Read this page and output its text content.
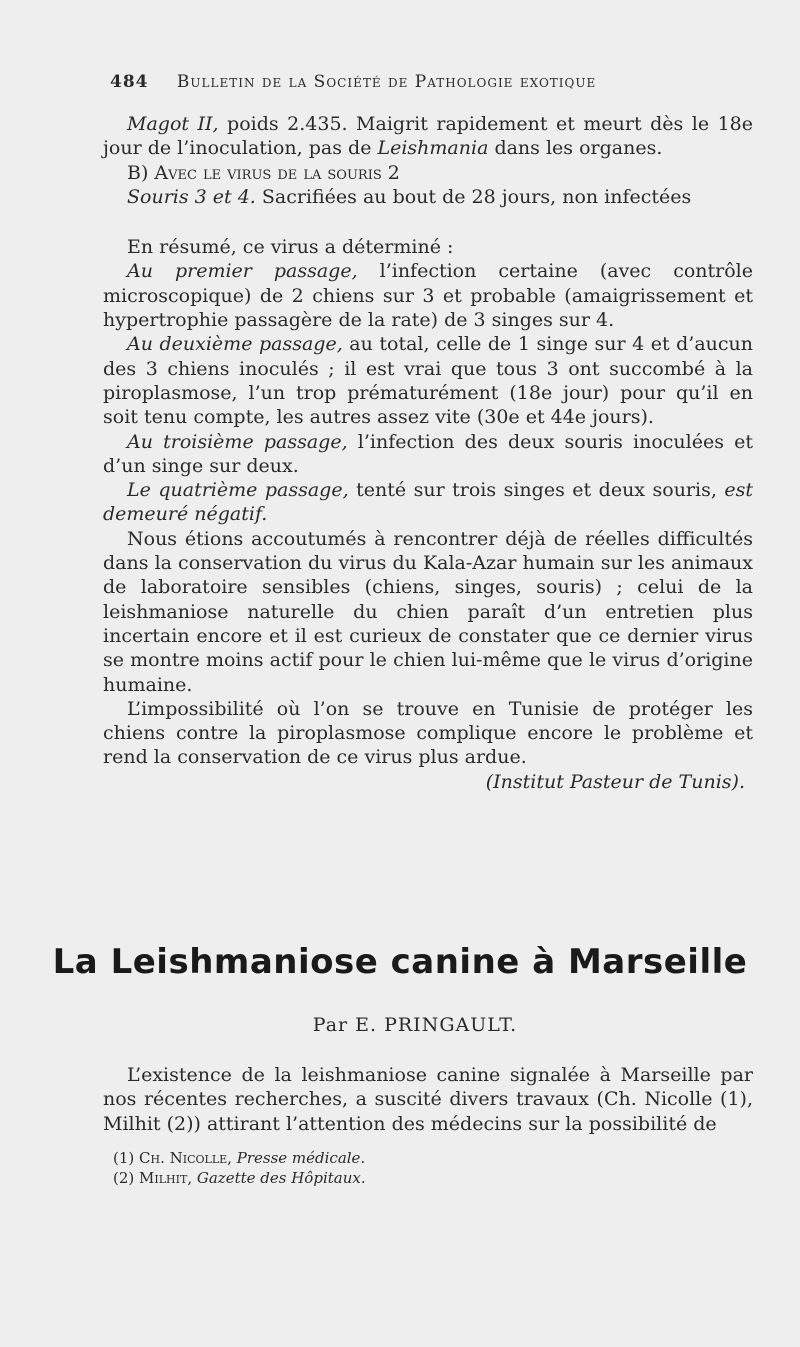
484 Bulletin de la Société de Pathologie exotique

Magot II, poids 2.435. Maigrit rapidement et meurt dès le 18e jour de l’inoculation, pas de Leishmania dans les organes.

B) Avec le virus de la souris 2

Souris 3 et 4. Sacrifiées au bout de 28 jours, non infectées

En résumé, ce virus a déterminé :

Au premier passage, l’infection certaine (avec contrôle microscopique) de 2 chiens sur 3 et probable (amaigrissement et hypertrophie passagère de la rate) de 3 singes sur 4.

Au deuxième passage, au total, celle de 1 singe sur 4 et d’aucun des 3 chiens inoculés ; il est vrai que tous 3 ont succombé à la piroplasmose, l’un trop prématurément (18e jour) pour qu’il en soit tenu compte, les autres assez vite (30e et 44e jours).

Au troisième passage, l’infection des deux souris inoculées et d’un singe sur deux.

Le quatrième passage, tenté sur trois singes et deux souris, est demeuré négatif.

Nous étions accoutumés à rencontrer déjà de réelles difficultés dans la conservation du virus du Kala-Azar humain sur les animaux de laboratoire sensibles (chiens, singes, souris) ; celui de la leishmaniose naturelle du chien paraît d’un entretien plus incertain encore et il est curieux de constater que ce dernier virus se montre moins actif pour le chien lui-même que le virus d’origine humaine.

L’impossibilité où l’on se trouve en Tunisie de protéger les chiens contre la piroplasmose complique encore le problème et rend la conservation de ce virus plus ardue.

(Institut Pasteur de Tunis).

La Leishmaniose canine à Marseille
Par E. PRINGAULT.

L’existence de la leishmaniose canine signalée à Marseille par nos récentes recherches, a suscité divers travaux (Ch. Nicolle (1), Milhit (2)) attirant l’attention des médecins sur la possibilité de

(1) Ch. Nicolle, Presse médicale.
(2) Milhit, Gazette des Hôpitaux.
